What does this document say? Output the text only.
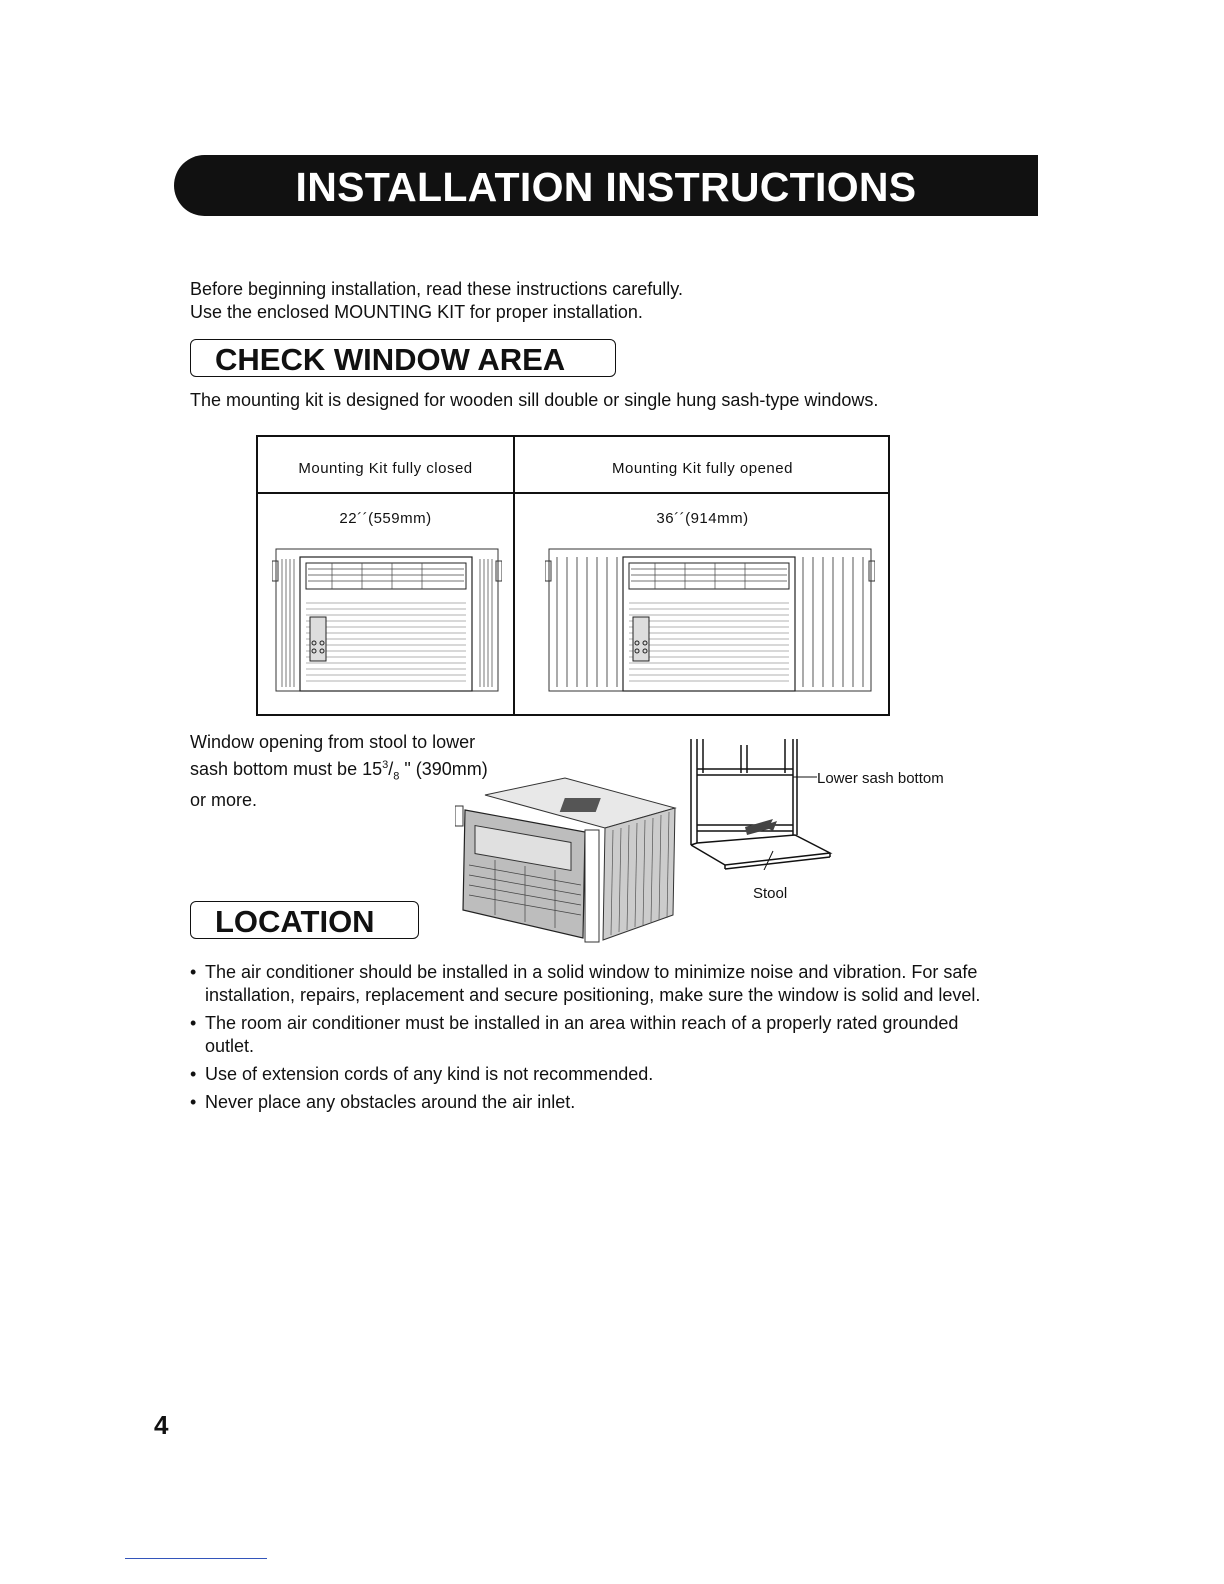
INSTALLATION INSTRUCTIONS
Before beginning installation, read these instructions carefully.
Use the enclosed MOUNTING KIT for proper installation.
CHECK WINDOW AREA
The mounting kit is designed for wooden sill double or single hung sash-type windows.
Mounting Kit fully closed	Mounting Kit fully opened
22´´(559mm)	36´´(914mm)
Window opening from stool to lower
sash bottom must be $15^3/_8$ " (390mm)
or more.
Lower sash bottom
Stool
LOCATION
• The air conditioner should be installed in a solid window to minimize noise and vibration. For safe installation, repairs, replacement and secure positioning, make sure the window is solid and level.
• The room air conditioner must be installed in an area within reach of a properly rated grounded outlet.
• Use of extension cords of any kind is not recommended.
• Never place any obstacles around the air inlet.
4
